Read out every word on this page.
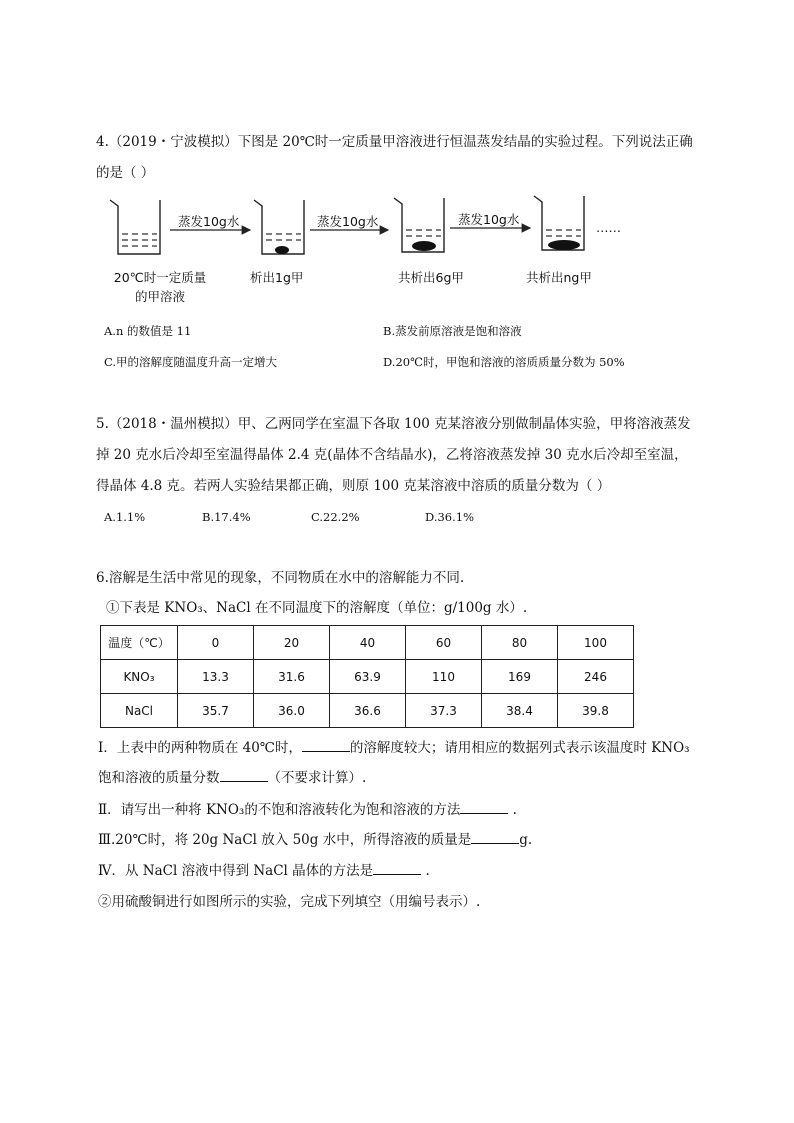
4.（2019・宁波模拟）下图是 20℃时一定质量甲溶液进行恒温蒸发结晶的实验过程。下列说法正确
的是（ ）
蒸发10g水	蒸发10g水	蒸发10g水
……
20℃时一定质量
的甲溶液
析出1g甲	共析出6g甲	共析出ng甲
A.n 的数值是 11	B.蒸发前原溶液是饱和溶液
C.甲的溶解度随温度升高一定增大	D.20℃时，甲饱和溶液的溶质质量分数为 50%
5.（2018・温州模拟）甲、乙两同学在室温下各取 100 克某溶液分别做制晶体实验，甲将溶液蒸发
掉 20 克水后冷却至室温得晶体 2.4 克(晶体不含结晶水)，乙将溶液蒸发掉 30 克水后冷却至室温，
得晶体 4.8 克。若两人实验结果都正确，则原 100 克某溶液中溶质的质量分数为（ ）
A.1.1%	B.17.4%	C.22.2%	D.36.1%
6.溶解是生活中常见的现象，不同物质在水中的溶解能力不同.
①下表是 KNO₃、NaCl 在不同温度下的溶解度（单位：g/100g 水）.
温度（℃）	0	20	40	60	80	100
KNO₃	13.3	31.6	63.9	110	169	246
NaCl	35.7	36.0	36.6	37.3	38.4	39.8
Ⅰ．上表中的两种物质在 40℃时，	的溶解度较大；请用相应的数据列式表示该温度时 KNO₃
饱和溶液的质量分数	（不要求计算）.
Ⅱ．请写出一种将 KNO₃的不饱和溶液转化为饱和溶液的方法	.
Ⅲ.20℃时，将 20g NaCl 放入 50g 水中，所得溶液的质量是	g.
Ⅳ．从 NaCl 溶液中得到 NaCl 晶体的方法是	.
②用硫酸铜进行如图所示的实验，完成下列填空（用编号表示）.
